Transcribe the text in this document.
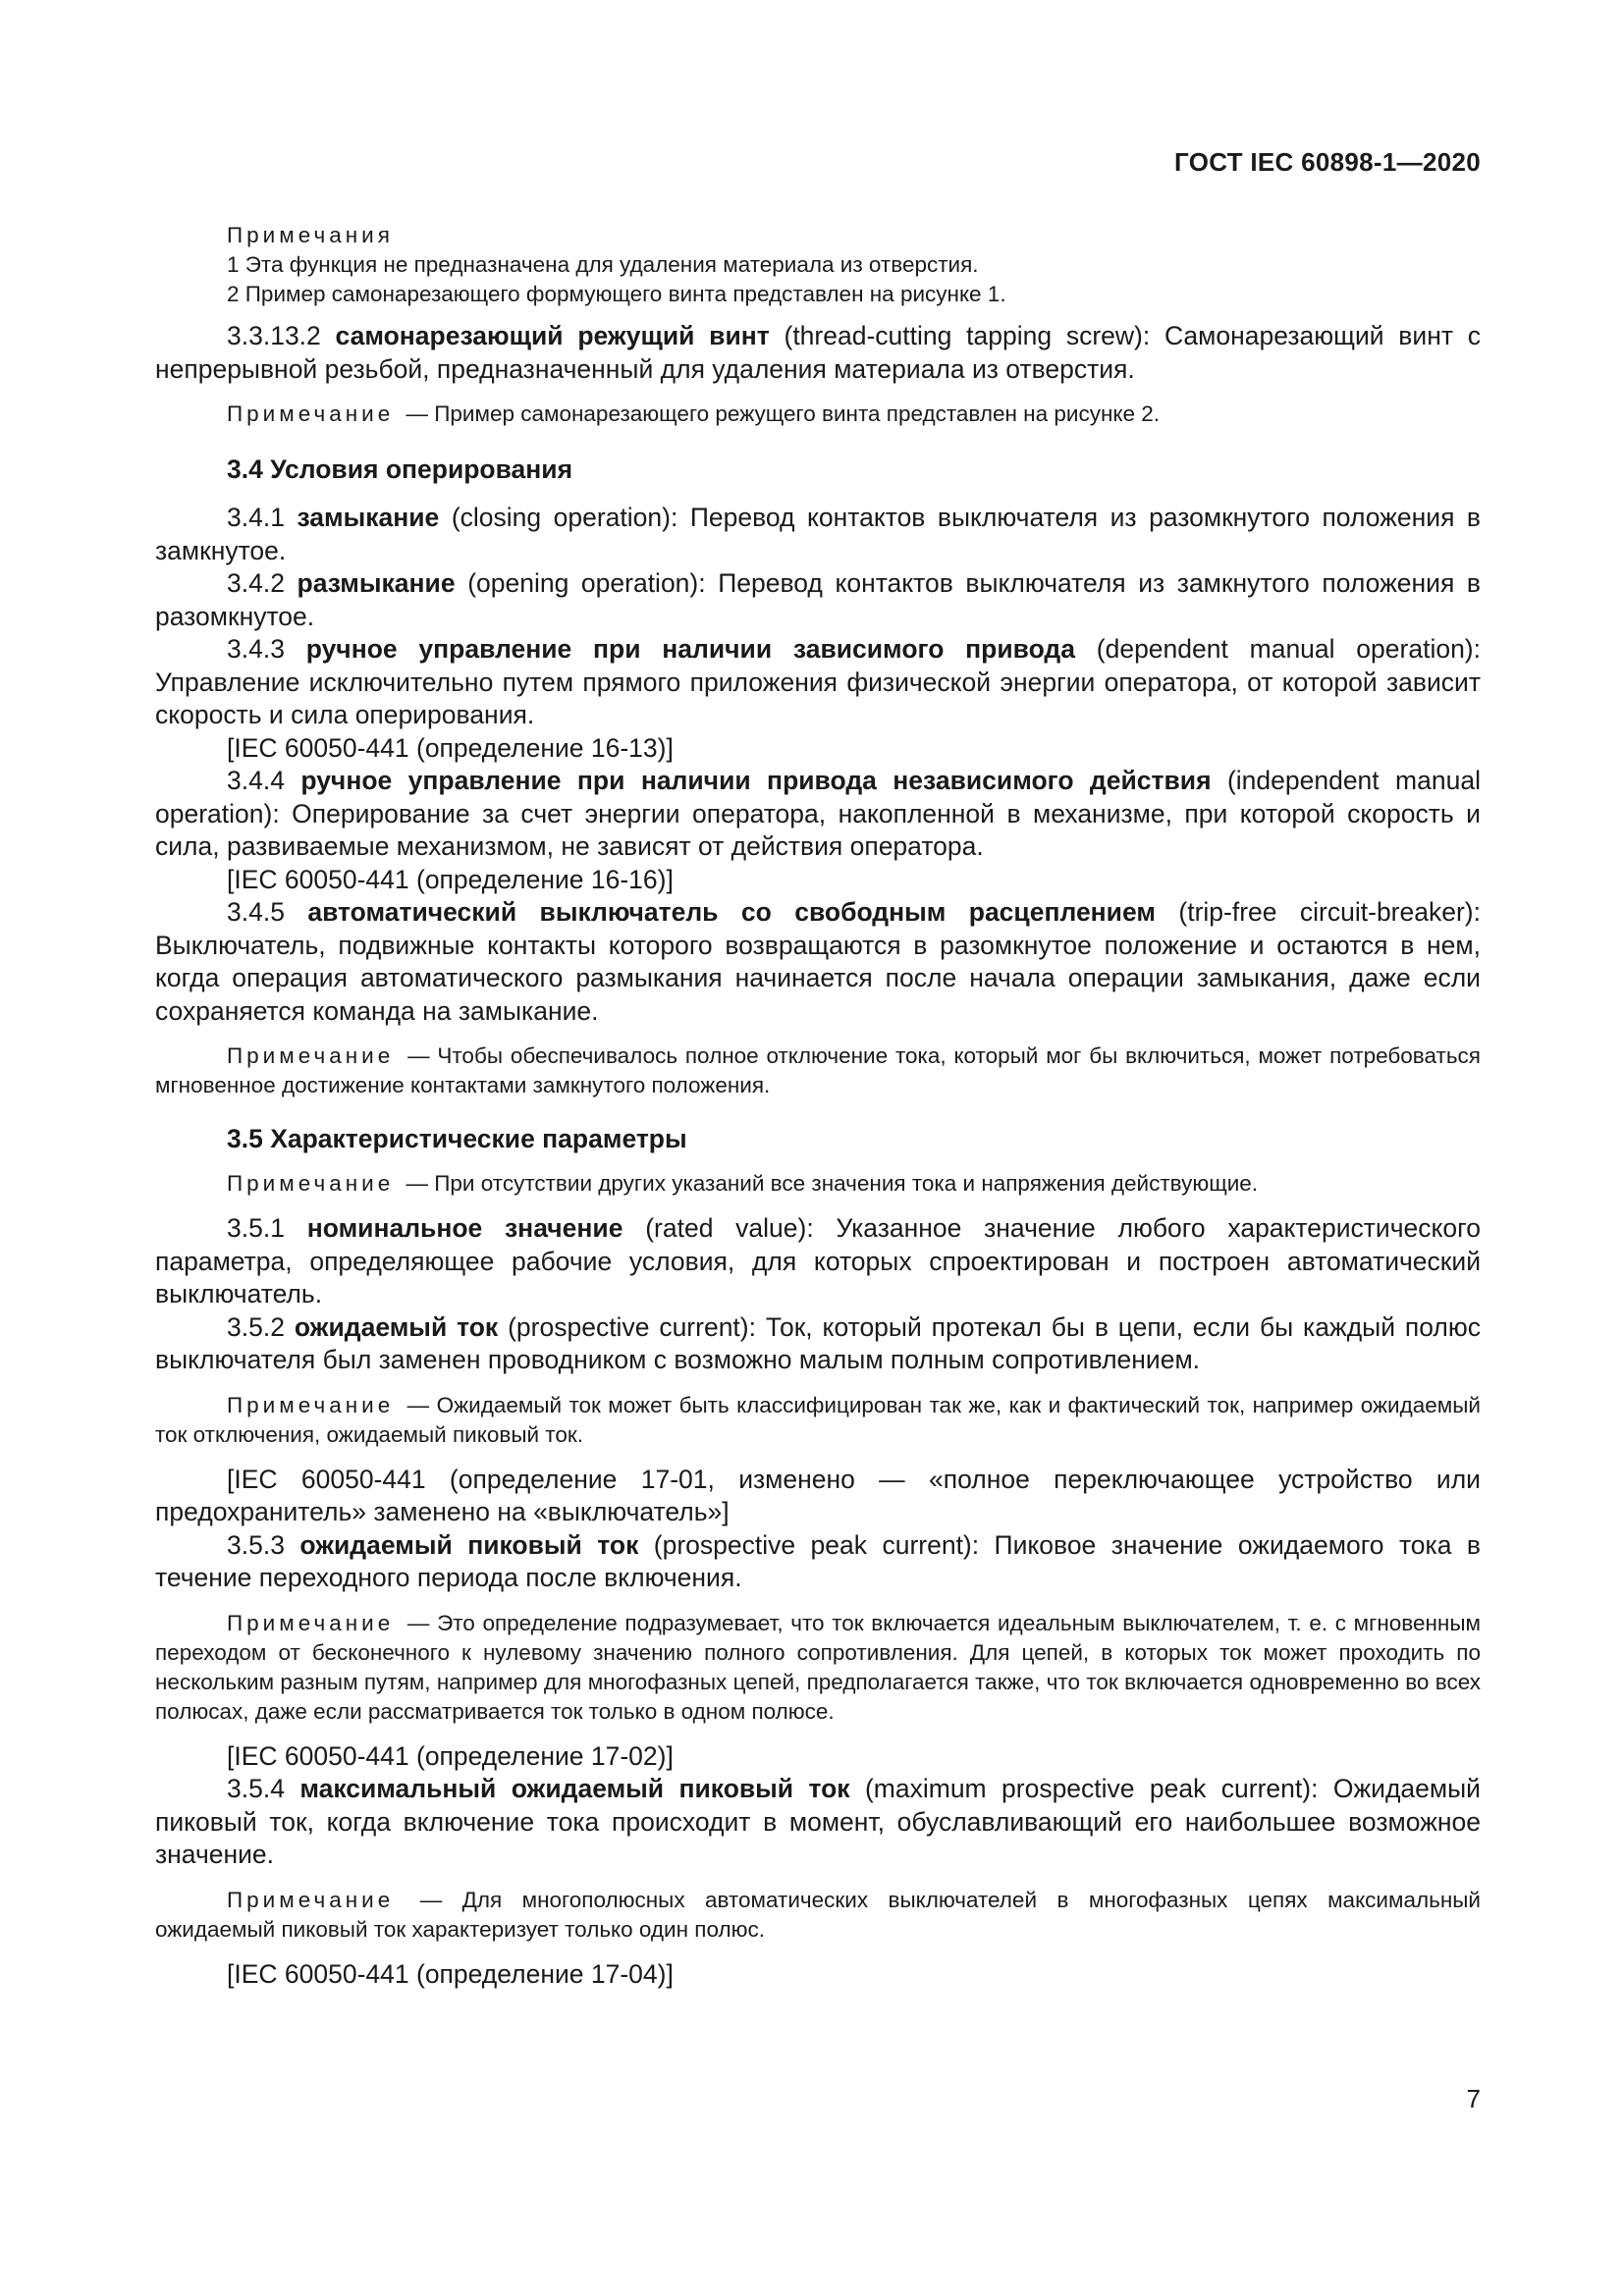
ГОСТ IEC 60898-1—2020

Примечания

1 Эта функция не предназначена для удаления материала из отверстия.

2 Пример самонарезающего формующего винта представлен на рисунке 1.

3.3.13.2 самонарезающий режущий винт (thread-cutting tapping screw): Самонарезающий винт с непрерывной резьбой, предназначенный для удаления материала из отверстия.

Примечание — Пример самонарезающего режущего винта представлен на рисунке 2.

3.4 Условия оперирования

3.4.1 замыкание (closing operation): Перевод контактов выключателя из разомкнутого положения в замкнутое.

3.4.2 размыкание (opening operation): Перевод контактов выключателя из замкнутого положения в разомкнутое.

3.4.3 ручное управление при наличии зависимого привода (dependent manual operation): Управление исключительно путем прямого приложения физической энергии оператора, от которой зависит скорость и сила оперирования.

[IEC 60050-441 (определение 16-13)]

3.4.4 ручное управление при наличии привода независимого действия (independent manual operation): Оперирование за счет энергии оператора, накопленной в механизме, при которой скорость и сила, развиваемые механизмом, не зависят от действия оператора.

[IEC 60050-441 (определение 16-16)]

3.4.5 автоматический выключатель со свободным расцеплением (trip-free circuit-breaker): Выключатель, подвижные контакты которого возвращаются в разомкнутое положение и остаются в нем, когда операция автоматического размыкания начинается после начала операции замыкания, даже если сохраняется команда на замыкание.

Примечание — Чтобы обеспечивалось полное отключение тока, который мог бы включиться, может потребоваться мгновенное достижение контактами замкнутого положения.

3.5 Характеристические параметры

Примечание — При отсутствии других указаний все значения тока и напряжения действующие.

3.5.1 номинальное значение (rated value): Указанное значение любого характеристического параметра, определяющее рабочие условия, для которых спроектирован и построен автоматический выключатель.

3.5.2 ожидаемый ток (prospective current): Ток, который протекал бы в цепи, если бы каждый полюс выключателя был заменен проводником с возможно малым полным сопротивлением.

Примечание — Ожидаемый ток может быть классифицирован так же, как и фактический ток, например ожидаемый ток отключения, ожидаемый пиковый ток.

[IEC 60050-441 (определение 17-01, изменено — «полное переключающее устройство или предохранитель» заменено на «выключатель»]

3.5.3 ожидаемый пиковый ток (prospective peak current): Пиковое значение ожидаемого тока в течение переходного периода после включения.

Примечание — Это определение подразумевает, что ток включается идеальным выключателем, т. е. с мгновенным переходом от бесконечного к нулевому значению полного сопротивления. Для цепей, в которых ток может проходить по нескольким разным путям, например для многофазных цепей, предполагается также, что ток включается одновременно во всех полюсах, даже если рассматривается ток только в одном полюсе.

[IEC 60050-441 (определение 17-02)]

3.5.4 максимальный ожидаемый пиковый ток (maximum prospective peak current): Ожидаемый пиковый ток, когда включение тока происходит в момент, обуславливающий его наибольшее возможное значение.

Примечание — Для многополюсных автоматических выключателей в многофазных цепях максимальный ожидаемый пиковый ток характеризует только один полюс.

[IEC 60050-441 (определение 17-04)]

7
